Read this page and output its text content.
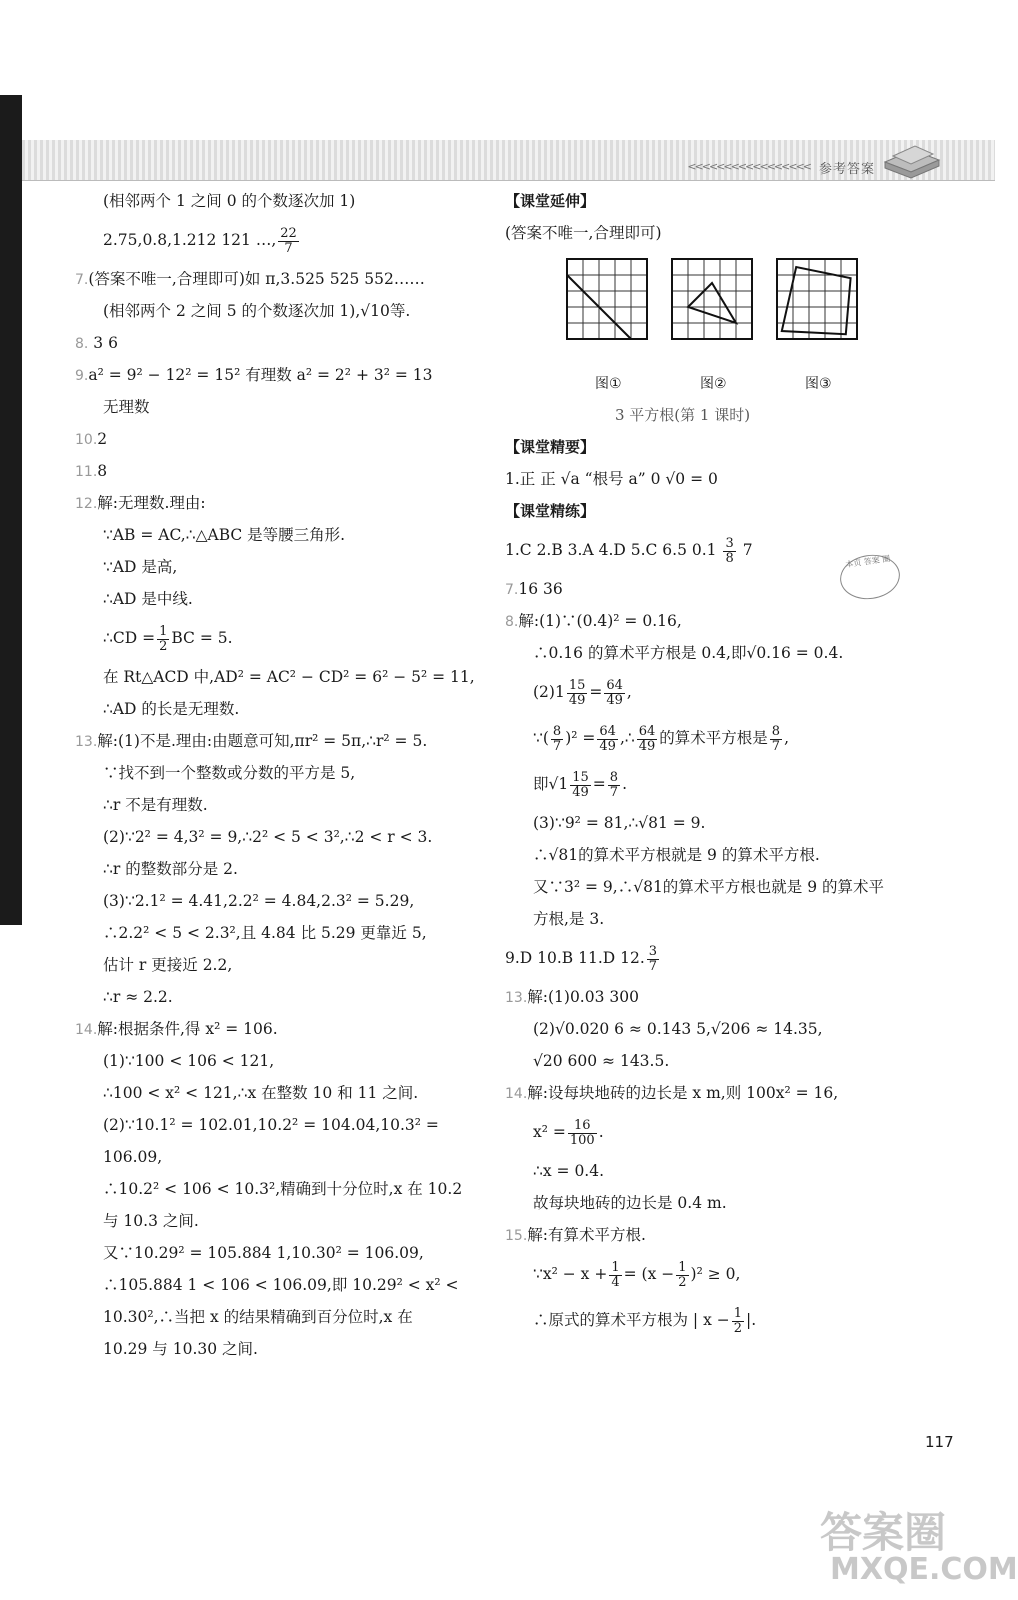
<<<<<<<<<<<<<<<<< 参考答案
(相邻两个 1 之间 0 的个数逐次加 1)
2.75,0.8,1.212 121 …, $\frac{22}{7}$
7.(答案不唯一,合理即可)如 π,3.525 525 552……
(相邻两个 2 之间 5 的个数逐次加 1),√10等.
8. 3 6
9.a² = 9² − 12² = 15² 有理数 a² = 2² + 3² = 13
无理数
10.2
11.8
12.解:无理数.理由:
∵AB = AC,∴△ABC 是等腰三角形.
∵AD 是高,
∴AD 是中线.
∴CD = $\frac{1}{2}$ BC = 5.
在 Rt△ACD 中,AD² = AC² − CD² = 6² − 5² = 11,
∴AD 的长是无理数.
13.解:(1)不是.理由:由题意可知,πr² = 5π,∴r² = 5.
∵找不到一个整数或分数的平方是 5,
∴r 不是有理数.
(2)∵2² = 4,3² = 9,∴2² < 5 < 3²,∴2 < r < 3.
∴r 的整数部分是 2.
(3)∵2.1² = 4.41,2.2² = 4.84,2.3² = 5.29,
∴2.2² < 5 < 2.3²,且 4.84 比 5.29 更靠近 5,
估计 r 更接近 2.2,
∴r ≈ 2.2.
14.解:根据条件,得 x² = 106.
(1)∵100 < 106 < 121,
∴100 < x² < 121,∴x 在整数 10 和 11 之间.
(2)∵10.1² = 102.01,10.2² = 104.04,10.3² =
106.09,
∴10.2² < 106 < 10.3²,精确到十分位时,x 在 10.2
与 10.3 之间.
又∵10.29² = 105.884 1,10.30² = 106.09,
∴105.884 1 < 106 < 106.09,即 10.29² < x² <
10.30²,∴当把 x 的结果精确到百分位时,x 在
10.29 与 10.30 之间.
【课堂延伸】
(答案不唯一,合理即可)
图①	图②	图③
3 平方根(第 1 课时)
【课堂精要】
1.正 正 √a “根号 a” 0 √0 = 0
【课堂精练】
1.C 2.B 3.A 4.D 5.C 6.5 $0.1 \frac{3}{8} 7$
7.16 36
8.解:(1)∵(0.4)² = 0.16,
∴0.16 的算术平方根是 0.4,即√0.16 = 0.4.
$(2)1 \frac{15}{49} = \frac{64}{49}$ ,
∵( $\frac{8}{7} )^2 = \frac{64}{49}$ ,∴ $\frac{64}{49}$ 的算术平方根是 $\frac{8}{7}$ ,
即$√1 \frac{15}{49} = \frac{8}{7}$ .
(3)∵9² = 81,∴√81 = 9.
∴√81的算术平方根就是 9 的算术平方根.
又∵3² = 9,∴√81的算术平方根也就是 9 的算术平
方根,是 3.
9.D 10.B 11.D 12. $\frac{3}{7}$
13.解:(1)0.03 300
(2)√0.020 6 ≈ 0.143 5,√206 ≈ 14.35,
√20 600 ≈ 143.5.
14.解:设每块地砖的边长是 x m,则 100x² = 16,
$x^2 = \frac{16}{100}$ .
∴x = 0.4.
故每块地砖的边长是 0.4 m.
15.解:有算术平方根.
∵x² − $x + \frac{1}{4} = (x - \frac{1}{2} )^2 \ge 0$,
∴原式的算术平方根为 | $x - \frac{1}{2}$ |.
本页 答案 圈
117
答案圈
MXQE.COM
